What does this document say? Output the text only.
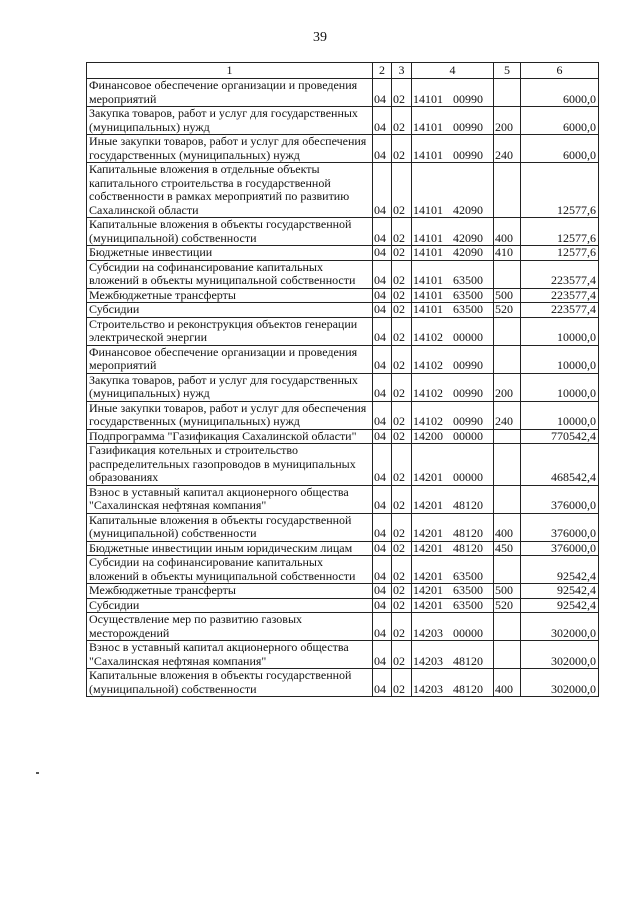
39
1	2	3	4	5	6
Финансовое обеспечение организации и проведения мероприятий	04	02	14101 00990		6000,0
Закупка товаров, работ и услуг для государственных (муниципальных) нужд	04	02	14101 00990	200	6000,0
Иные закупки товаров, работ и услуг для обеспечения государственных (муниципальных) нужд	04	02	14101 00990	240	6000,0
Капитальные вложения в отдельные объекты капитального строительства в государственной собственности в рамках мероприятий по развитию Сахалинской области	04	02	14101 42090		12577,6
Капитальные вложения в объекты государственной (муниципальной) собственности	04	02	14101 42090	400	12577,6
Бюджетные инвестиции	04	02	14101 42090	410	12577,6
Субсидии на софинансирование капитальных вложений в объекты муниципальной собственности	04	02	14101 63500		223577,4
Межбюджетные трансферты	04	02	14101 63500	500	223577,4
Субсидии	04	02	14101 63500	520	223577,4
Строительство и реконструкция объектов генерации электрической энергии	04	02	14102 00000		10000,0
Финансовое обеспечение организации и проведения мероприятий	04	02	14102 00990		10000,0
Закупка товаров, работ и услуг для государственных (муниципальных) нужд	04	02	14102 00990	200	10000,0
Иные закупки товаров, работ и услуг для обеспечения государственных (муниципальных) нужд	04	02	14102 00990	240	10000,0
Подпрограмма "Газификация Сахалинской области"	04	02	14200 00000		770542,4
Газификация котельных и строительство распределительных газопроводов в муниципальных образованиях	04	02	14201 00000		468542,4
Взнос в уставный капитал акционерного общества "Сахалинская нефтяная компания"	04	02	14201 48120		376000,0
Капитальные вложения в объекты государственной (муниципальной) собственности	04	02	14201 48120	400	376000,0
Бюджетные инвестиции иным юридическим лицам	04	02	14201 48120	450	376000,0
Субсидии на софинансирование капитальных вложений в объекты муниципальной собственности	04	02	14201 63500		92542,4
Межбюджетные трансферты	04	02	14201 63500	500	92542,4
Субсидии	04	02	14201 63500	520	92542,4
Осуществление мер по развитию газовых месторождений	04	02	14203 00000		302000,0
Взнос в уставный капитал акционерного общества "Сахалинская нефтяная компания"	04	02	14203 48120		302000,0
Капитальные вложения в объекты государственной (муниципальной) собственности	04	02	14203 48120	400	302000,0
